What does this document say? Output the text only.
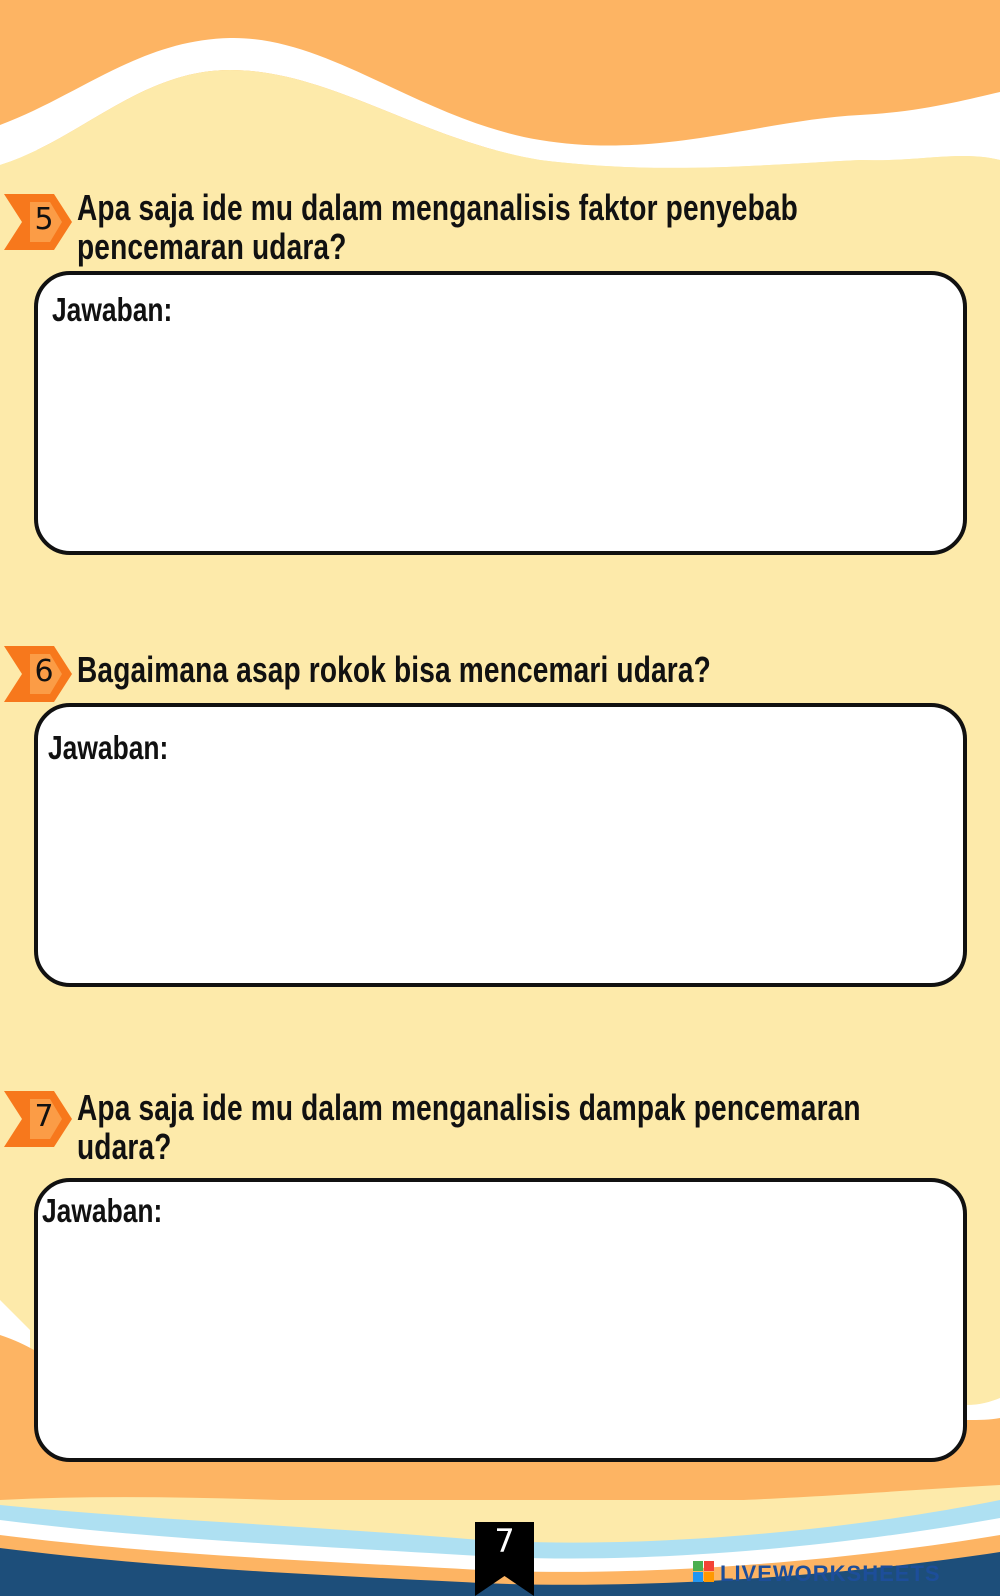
5 Apa saja ide mu dalam menganalisis faktor penyebab pencemaran udara?
Jawaban:
6 Bagaimana asap rokok bisa mencemari udara?
Jawaban:
7 Apa saja ide mu dalam menganalisis dampak pencemaran udara?
Jawaban:
7
LIVEWORKSHEETS
